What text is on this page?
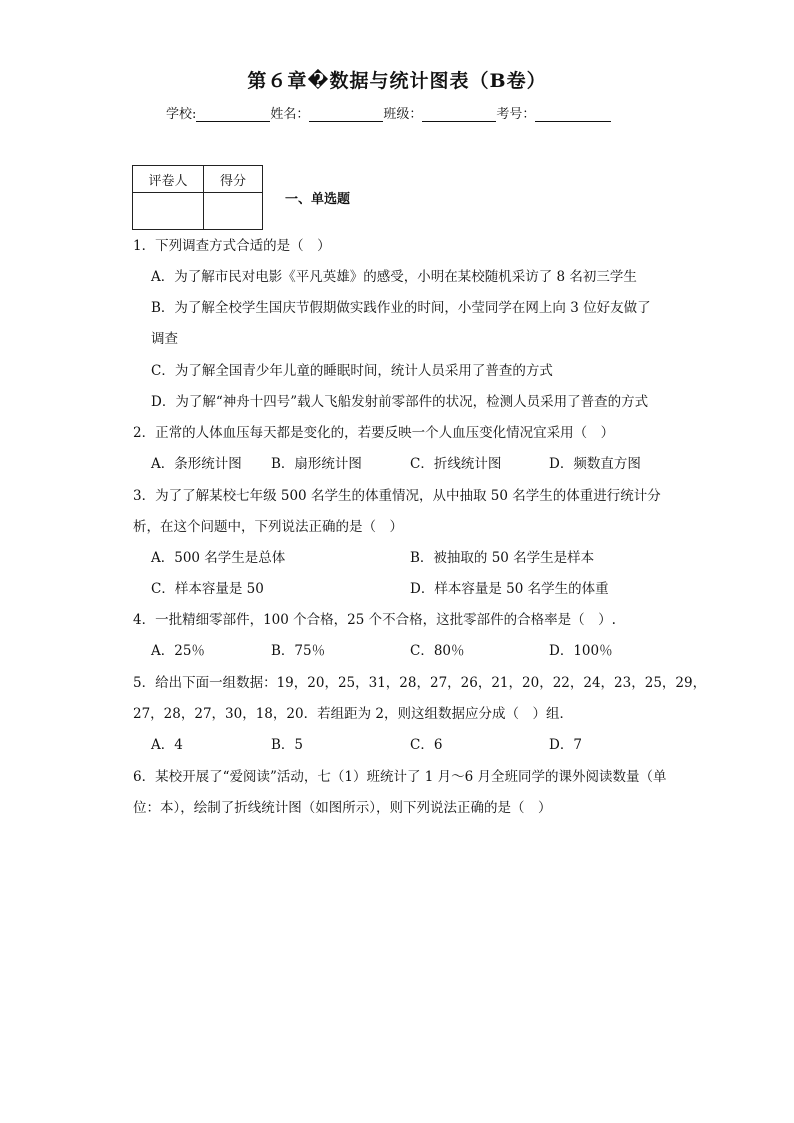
第６章�数据与统计图表（B卷）
学校:	姓名：	班级：	考号：
评卷人	得分

一、单选题
1．下列调查方式合适的是（　）
A．为了解市民对电影《平凡英雄》的感受，小明在某校随机采访了 8 名初三学生
B．为了解全校学生国庆节假期做实践作业的时间，小莹同学在网上向 3 位好友做了
调查
C．为了解全国青少年儿童的睡眠时间，统计人员采用了普查的方式
D．为了解“神舟十四号”载人飞船发射前零部件的状况，检测人员采用了普查的方式
2．正常的人体血压每天都是变化的，若要反映一个人血压变化情况宜采用（　）
A．条形统计图 B．扇形统计图	C．折线统计图	D．频数直方图
3．为了了解某校七年级 500 名学生的体重情况，从中抽取 50 名学生的体重进行统计分
析，在这个问题中，下列说法正确的是（　）
A．500 名学生是总体	B．被抽取的 50 名学生是样本
C．样本容量是 50	D．样本容量是 50 名学生的体重
4．一批精细零部件，100 个合格，25 个不合格，这批零部件的合格率是（　）.
A．25％	B．75％	C．80％	D．100％
5．给出下面一组数据：19，20，25，31，28，27，26，21，20，22，24，23，25，29，
27，28，27，30，18，20．若组距为 2，则这组数据应分成（　）组．
A．4	B．5	C．6	D．7
6．某校开展了“爱阅读”活动，七（1）班统计了 1 月～6 月全班同学的课外阅读数量（单
位：本），绘制了折线统计图（如图所示），则下列说法正确的是（　）
